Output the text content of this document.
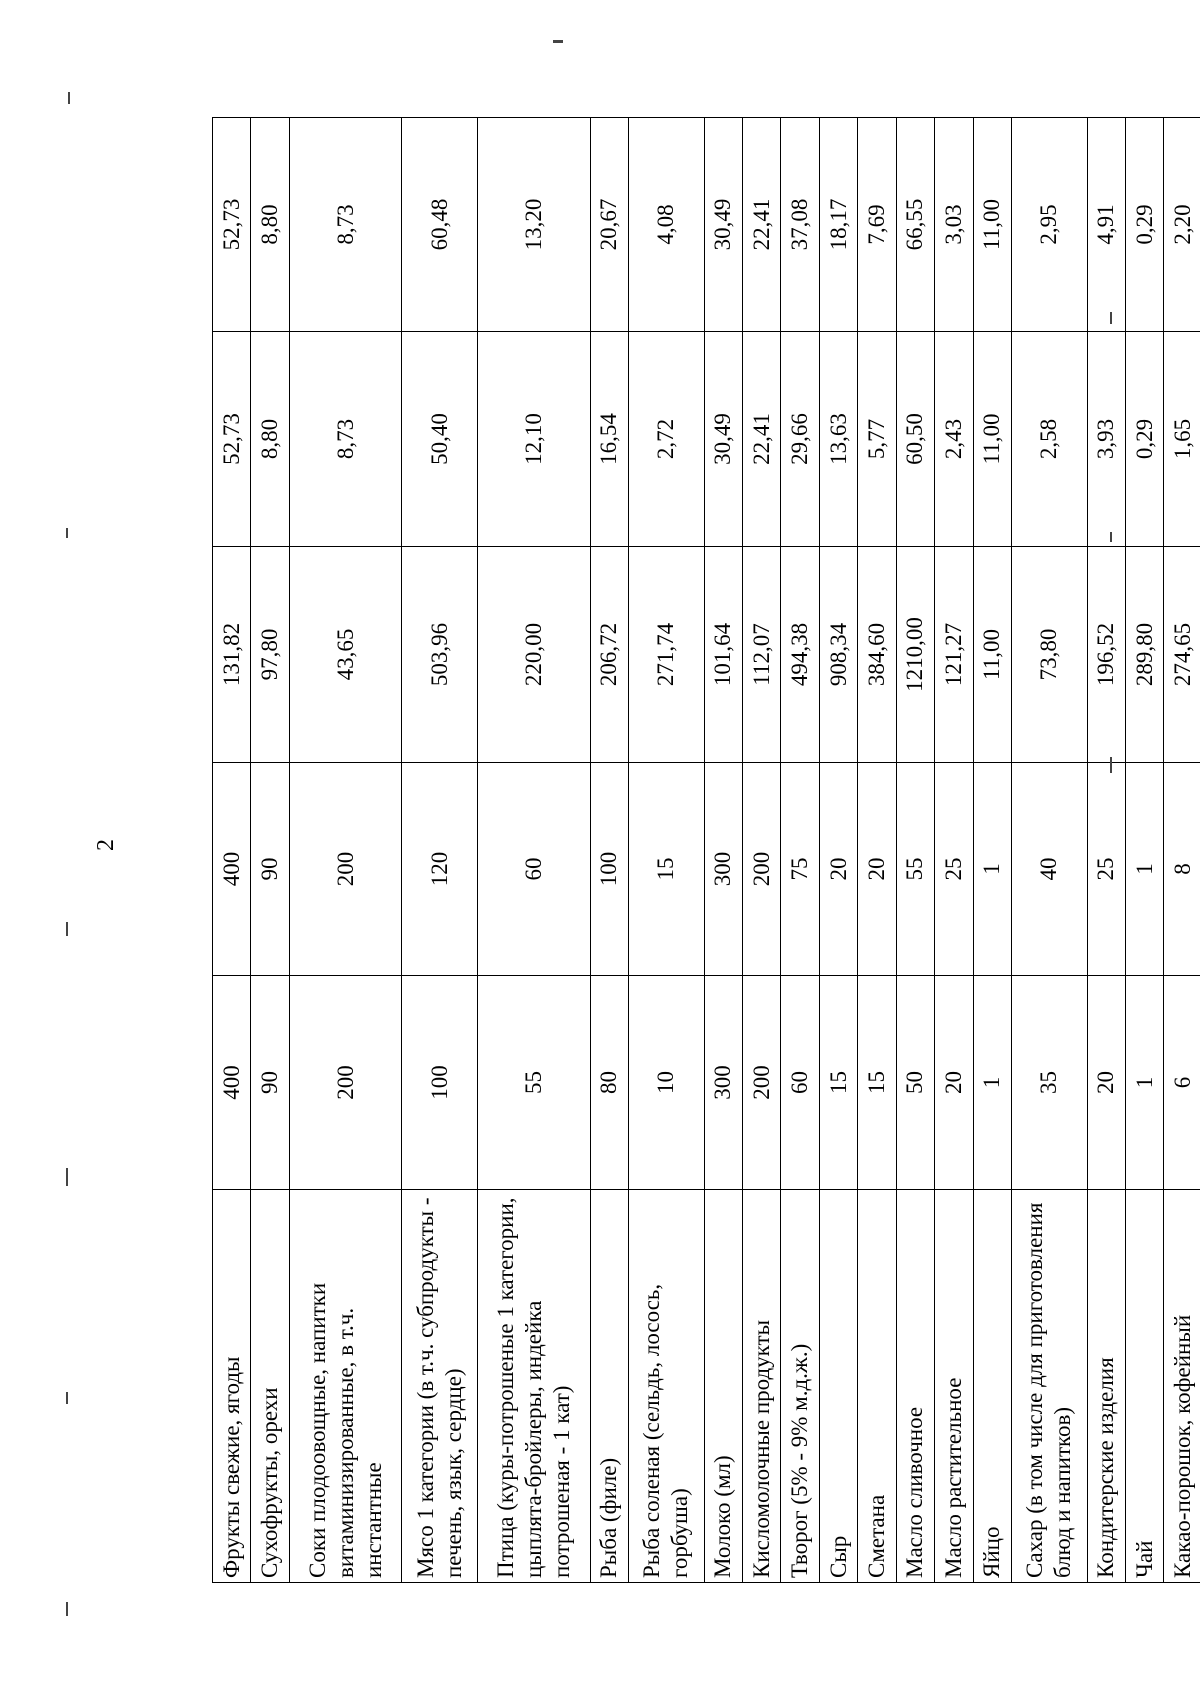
2
Фрукты свежие, ягоды	400	400	131,82	52,73	52,73
Сухофрукты, орехи	90	90	97,80	8,80	8,80
Соки плодоовощные, напитки витаминизированные, в т.ч. инстантные	200	200	43,65	8,73	8,73
Мясо 1 категории (в т.ч. субпродукты - печень, язык, сердце)	100	120	503,96	50,40	60,48
Птица (куры-потрошеные 1 категории, цыплята-бройлеры, индейка потрошеная - 1 кат)	55	60	220,00	12,10	13,20
Рыба (филе)	80	100	206,72	16,54	20,67
Рыба соленая (сельдь, лосось, горбуша)	10	15	271,74	2,72	4,08
Молоко (мл)	300	300	101,64	30,49	30,49
Кисломолочные продукты	200	200	112,07	22,41	22,41
Творог (5% - 9% м.д.ж.)	60	75	494,38	29,66	37,08
Сыр	15	20	908,34	13,63	18,17
Сметана	15	20	384,60	5,77	7,69
Масло сливочное	50	55	1210,00	60,50	66,55
Масло растительное	20	25	121,27	2,43	3,03
Яйцо	1	1	11,00	11,00	11,00
Сахар (в том числе для приготовления блюд и напитков)	35	40	73,80	2,58	2,95
Кондитерские изделия	20	25	196,52	3,93	4,91
Чай	1	1	289,80	0,29	0,29
Какао-порошок, кофейный	6	8	274,65	1,65	2,20
